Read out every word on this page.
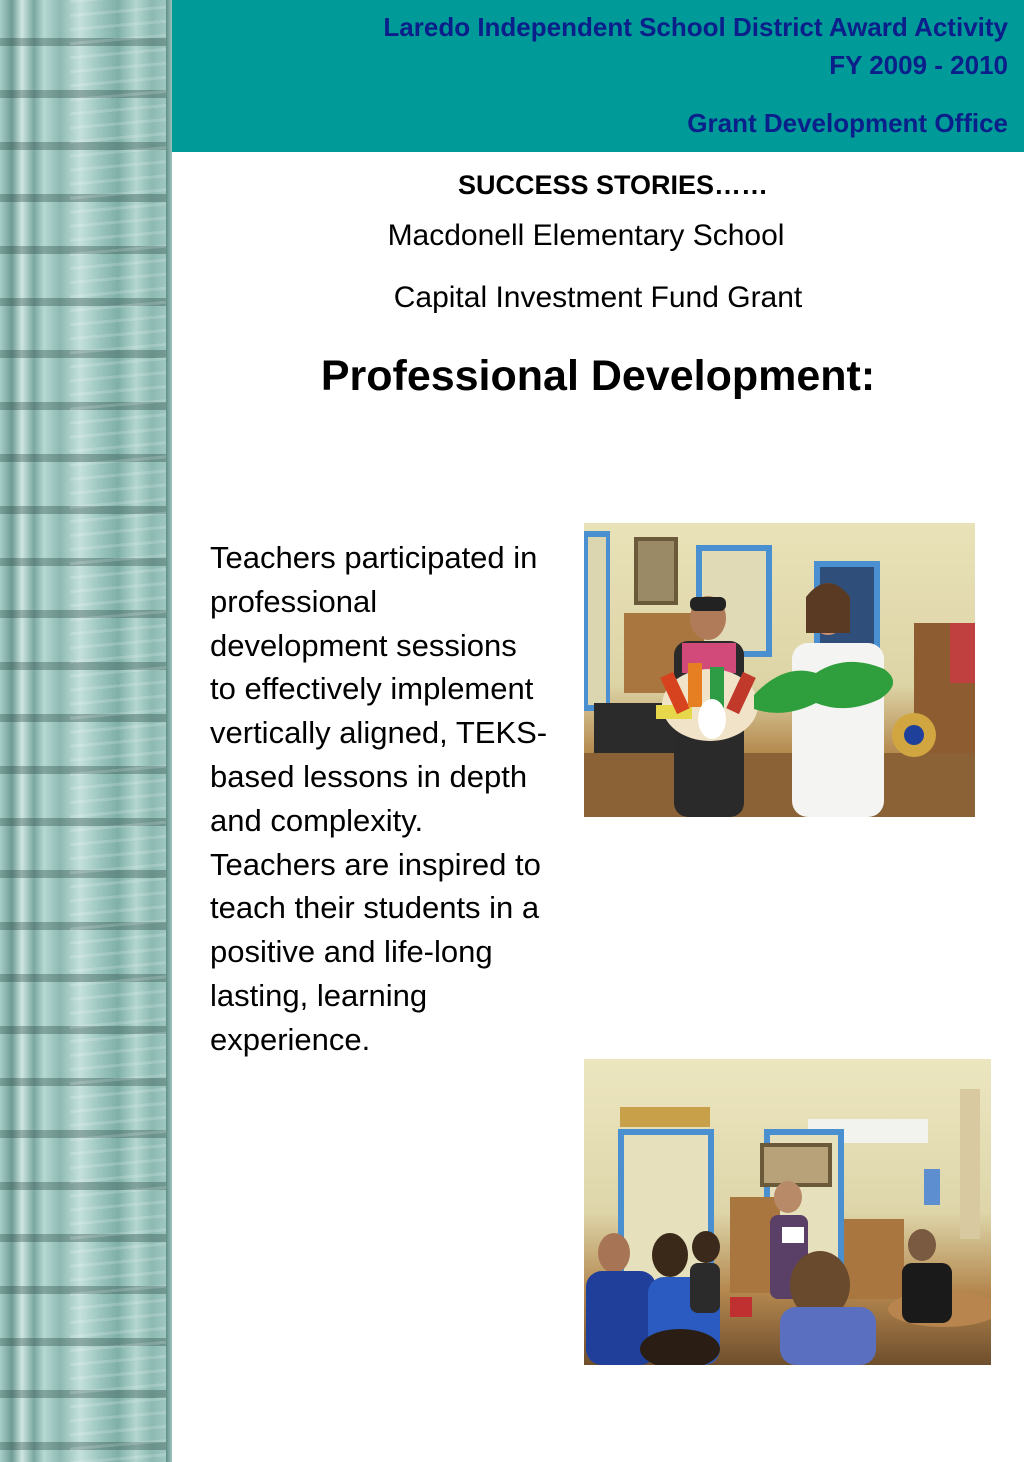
Laredo Independent School District Award Activity

FY 2009 - 2010

Grant Development Office

SUCCESS STORIES……

Macdonell Elementary School

Capital Investment Fund Grant

Professional Development:

Teachers participated in professional development sessions to effectively implement vertically aligned, TEKS-based lessons in depth and complexity. Teachers are inspired to teach their students in a positive and life-long lasting, learning experience.
